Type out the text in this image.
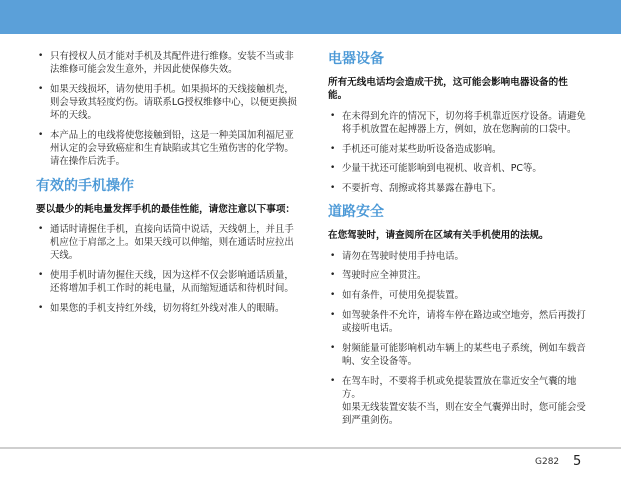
• 只有授权人员才能对手机及其配件进行维修。安装不当或非法维修可能会发生意外，并因此使保修失效。
• 如果天线损坏，请勿使用手机。如果损坏的天线接触机壳，则会导致其轻度灼伤。请联系LG授权维修中心，以便更换损坏的天线。
• 本产品上的电线将使您接触到铅，这是一种美国加利福尼亚州认定的会导致癌症和生育缺陷或其它生殖伤害的化学物。请在操作后洗手。
有效的手机操作

要以最少的耗电量发挥手机的最佳性能，请您注意以下事项：

• 通话时请握住手机，直接向话筒中说话，天线朝上，并且手机应位于肩部之上。如果天线可以伸缩，则在通话时应拉出天线。
• 使用手机时请勿握住天线，因为这样不仅会影响通话质量，还将增加手机工作时的耗电量，从而缩短通话和待机时间。
• 如果您的手机支持红外线，切勿将红外线对准人的眼睛。
电器设备

所有无线电话均会造成干扰，这可能会影响电器设备的性能。

• 在未得到允许的情况下，切勿将手机靠近医疗设备。请避免将手机放置在起搏器上方，例如，放在您胸前的口袋中。
• 手机还可能对某些助听设备造成影响。
• 少量干扰还可能影响到电视机、收音机、PC等。
• 不要折弯、刮擦或将其暴露在静电下。
道路安全

在您驾驶时，请查阅所在区域有关手机使用的法规。

• 请勿在驾驶时使用手持电话。
• 驾驶时应全神贯注。
• 如有条件，可使用免提装置。
• 如驾驶条件不允许，请将车停在路边或空地旁，然后再拨打或接听电话。
• 射频能量可能影响机动车辆上的某些电子系统，例如车载音响、安全设备等。
• 在驾车时，不要将手机或免提装置放在靠近安全气囊的地方。
如果无线装置安装不当，则在安全气囊弹出时，您可能会受到严重剑伤。
G282 5
